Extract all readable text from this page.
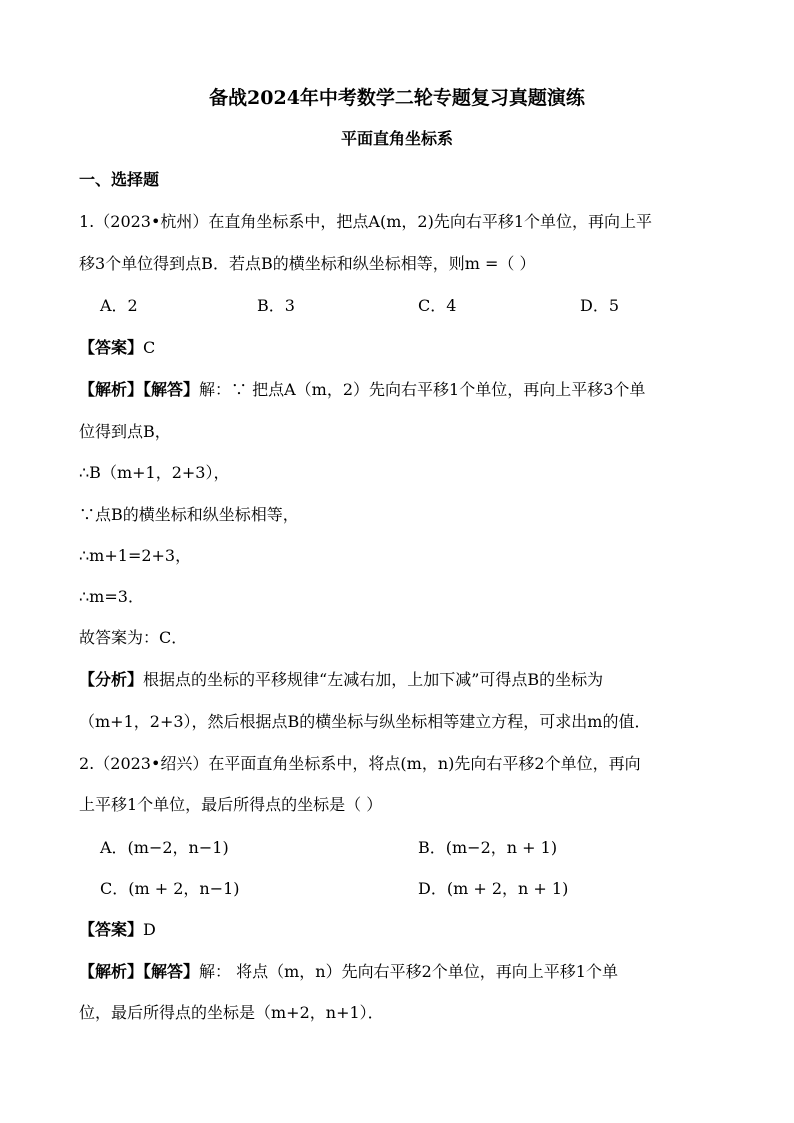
备战2024年中考数学二轮专题复习真题演练
平面直角坐标系
一、选择题
1.（2023•杭州）在直角坐标系中，把点A(m，2)先向右平移1个单位，再向上平
移3个单位得到点B．若点B的横坐标和纵坐标相等，则m =（ ）
A．2	B．3	C．4	D．5
【答案】C
【解析】【解答】解：∵ 把点A（m，2）先向右平移1个单位，再向上平移3个单
位得到点B，
∴B（m+1，2+3），
∵点B的横坐标和纵坐标相等，
∴m+1=2+3，
∴m=3．
故答案为：C．
【分析】根据点的坐标的平移规律“左减右加，上加下减”可得点B的坐标为
（m+1，2+3），然后根据点B的横坐标与纵坐标相等建立方程，可求出m的值．
2.（2023•绍兴）在平面直角坐标系中，将点(m，n)先向右平移2个单位，再向
上平移1个单位，最后所得点的坐标是（ ）
A．(m−2，n−1)	B．(m−2，n + 1)
C．(m + 2，n−1)	D．(m + 2，n + 1)
【答案】D
【解析】【解答】解： 将点（m，n）先向右平移2个单位，再向上平移1个单
位，最后所得点的坐标是（m+2，n+1）．
